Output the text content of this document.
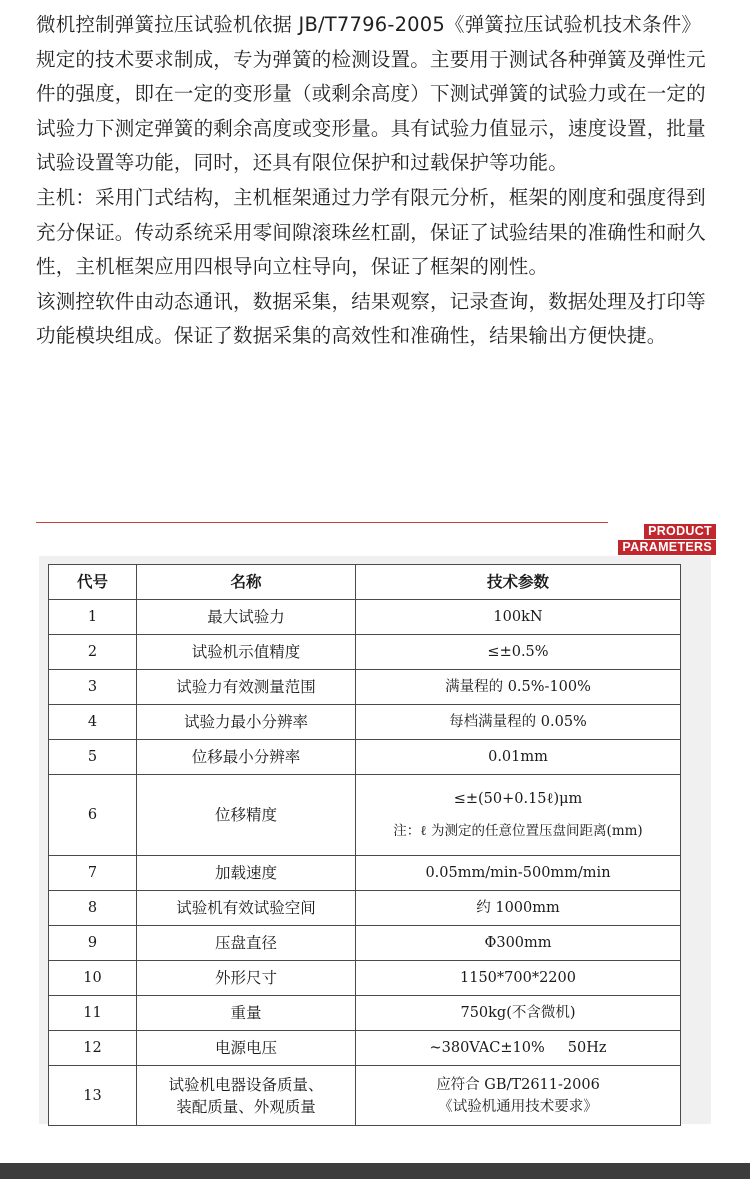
微机控制弹簧拉压试验机依据 JB/T7796-2005《弹簧拉压试验机技术条件》规定的技术要求制成，专为弹簧的检测设置。主要用于测试各种弹簧及弹性元件的强度，即在一定的变形量（或剩余高度）下测试弹簧的试验力或在一定的试验力下测定弹簧的剩余高度或变形量。具有试验力值显示，速度设置，批量试验设置等功能，同时，还具有限位保护和过载保护等功能。

主机：采用门式结构，主机框架通过力学有限元分析，框架的刚度和强度得到充分保证。传动系统采用零间隙滚珠丝杠副，保证了试验结果的准确性和耐久性，主机框架应用四根导向立柱导向，保证了框架的刚性。

该测控软件由动态通讯，数据采集，结果观察，记录查询，数据处理及打印等功能模块组成。保证了数据采集的高效性和准确性，结果输出方便快捷。

PRODUCT
PARAMETERS
代号	名称	技术参数
1	最大试验力	100kN
2	试验机示值精度	≤±0.5%
3	试验力有效测量范围	满量程的 0.5%-100%
4	试验力最小分辨率	每档满量程的 0.05%
5	位移最小分辨率	0.01mm
6	位移精度	≤±(50+0.15ℓ)μm
注：ℓ 为测定的任意位置压盘间距离(mm)

7	加载速度	0.05mm/min-500mm/min
8	试验机有效试验空间	约 1000mm
9	压盘直径	Φ300mm
10	外形尺寸	1150*700*2200
11	重量	750kg(不含微机)
12	电源电压	~380VAC±10%     50Hz
13	试验机电器设备质量、
装配质量、外观质量	应符合 GB/T2611-2006
《试验机通用技术要求》
